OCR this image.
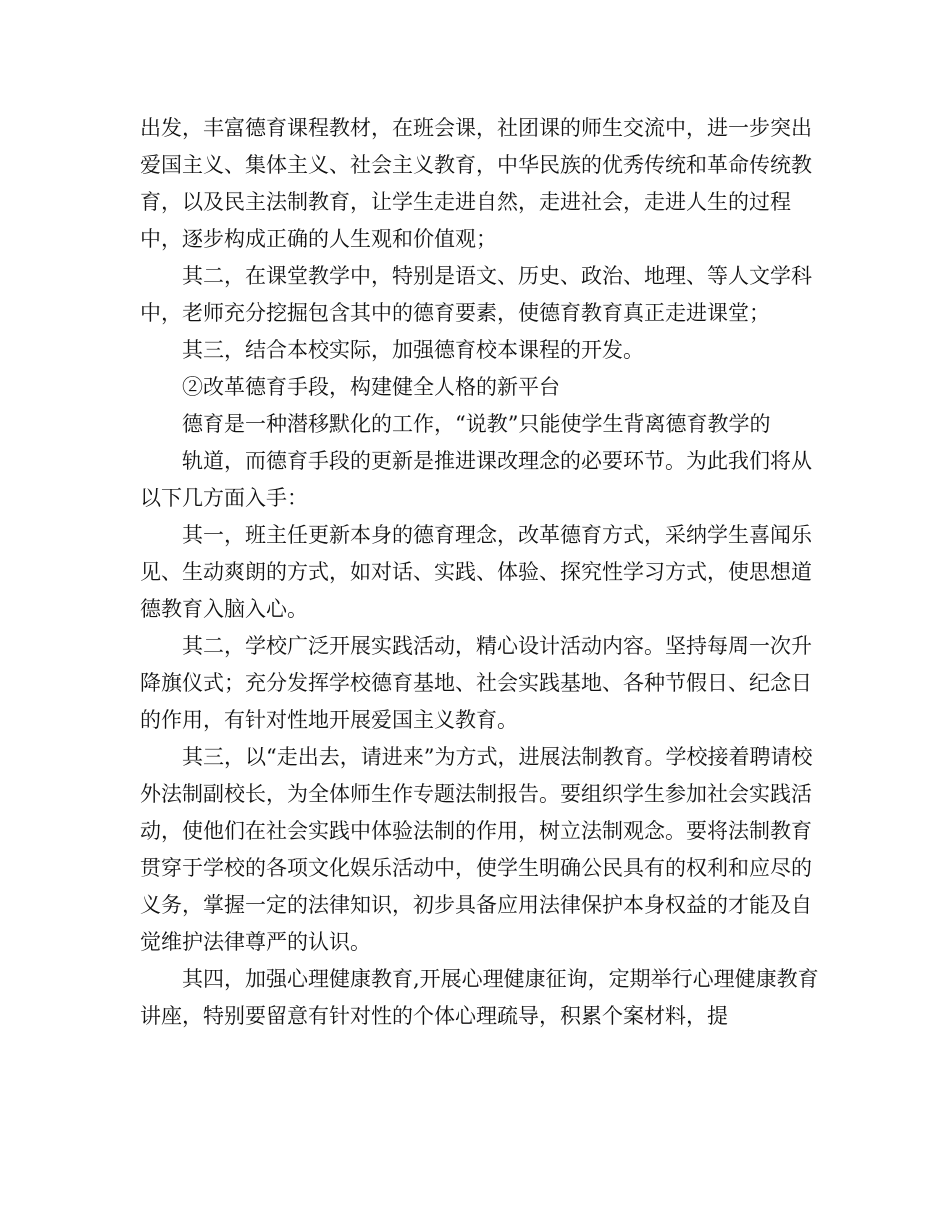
出发，丰富德育课程教材，在班会课，社团课的师生交流中，进一步突出爱国主义、集体主义、社会主义教育，中华民族的优秀传统和革命传统教育，以及民主法制教育，让学生走进自然，走进社会，走进人生的过程中，逐步构成正确的人生观和价值观；

其二，在课堂教学中，特别是语文、历史、政治、地理、等人文学科中，老师充分挖掘包含其中的德育要素，使德育教育真正走进课堂；

其三，结合本校实际，加强德育校本课程的开发。

②改革德育手段，构建健全人格的新平台

德育是一种潜移默化的工作，“说教”只能使学生背离德育教学的

轨道，而德育手段的更新是推进课改理念的必要环节。为此我们将从以下几方面入手：

其一，班主任更新本身的德育理念，改革德育方式，采纳学生喜闻乐见、生动爽朗的方式，如对话、实践、体验、探究性学习方式，使思想道德教育入脑入心。

其二，学校广泛开展实践活动，精心设计活动内容。坚持每周一次升降旗仪式；充分发挥学校德育基地、社会实践基地、各种节假日、纪念日的作用，有针对性地开展爱国主义教育。

其三，以“走出去，请进来”为方式，进展法制教育。学校接着聘请校外法制副校长，为全体师生作专题法制报告。要组织学生参加社会实践活动，使他们在社会实践中体验法制的作用，树立法制观念。要将法制教育贯穿于学校的各项文化娱乐活动中，使学生明确公民具有的权利和应尽的义务，掌握一定的法律知识，初步具备应用法律保护本身权益的才能及自觉维护法律尊严的认识。

其四，加强心理健康教育,开展心理健康征询，定期举行心理健康教育讲座，特别要留意有针对性的个体心理疏导，积累个案材料，提
